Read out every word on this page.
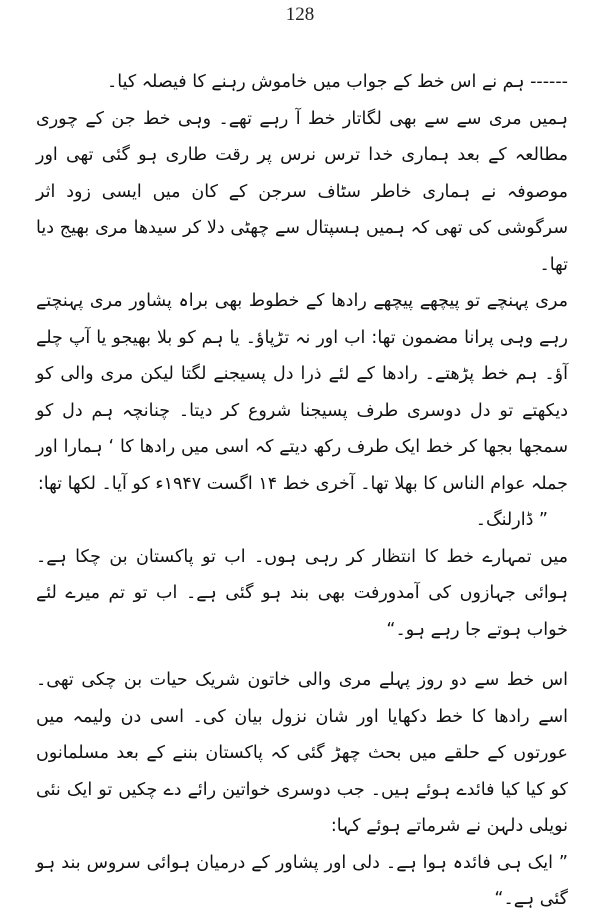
128

------ ہم نے اس خط کے جواب میں خاموش رہنے کا فیصلہ کیا۔

ہمیں مری سے سے بھی لگاتار خط آ رہے تھے۔ وہی خط جن کے چوری مطالعہ کے بعد ہماری خدا ترس نرس پر رقت طاری ہو گئی تھی اور موصوفہ نے ہماری خاطر سٹاف سرجن کے کان میں ایسی زود اثر سرگوشی کی تھی کہ ہمیں ہسپتال سے چھٹی دلا کر سیدھا مری بھیج دیا تھا۔

مری پہنچے تو پیچھے پیچھے رادھا کے خطوط بھی براہ پشاور مری پہنچتے رہے وہی پرانا مضمون تھا: اب اور نہ تڑپاؤ۔ یا ہم کو بلا بھیجو یا آپ چلے آؤ۔ ہم خط پڑھتے۔ رادھا کے لئے ذرا دل پسیجنے لگتا لیکن مری والی کو دیکھتے تو دل دوسری طرف پسیجنا شروع کر دیتا۔ چنانچہ ہم دل کو سمجھا بجھا کر خط ایک طرف رکھ دیتے کہ اسی میں رادھا کا ‘ ہمارا اور جملہ عوام الناس کا بھلا تھا۔ آخری خط ۱۴ اگست ۱۹۴۷ء کو آیا۔ لکھا تھا:

” ڈارلنگ۔

میں تمہارے خط کا انتظار کر رہی ہوں۔ اب تو پاکستان بن چکا ہے۔ ہوائی جہازوں کی آمدورفت بھی بند ہو گئی ہے۔ اب تو تم میرے لئے خواب ہوتے جا رہے ہو۔“

اس خط سے دو روز پہلے مری والی خاتون شریک حیات بن چکی تھی۔ اسے رادھا کا خط دکھایا اور شان نزول بیان کی۔ اسی دن ولیمہ میں عورتوں کے حلقے میں بحث چھڑ گئی کہ پاکستان بننے کے بعد مسلمانوں کو کیا کیا فائدے ہوئے ہیں۔ جب دوسری خواتین رائے دے چکیں تو ایک نئی نویلی دلہن نے شرماتے ہوئے کہا:

” ایک ہی فائدہ ہوا ہے۔ دلی اور پشاور کے درمیان ہوائی سروس بند ہو گئی ہے۔“
